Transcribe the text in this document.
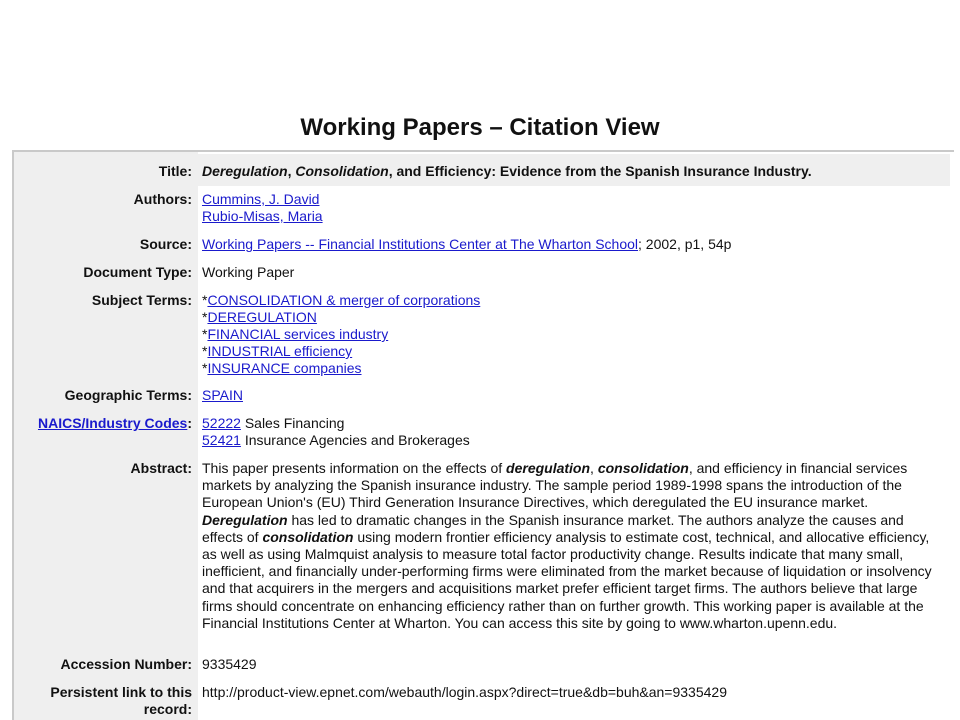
Working Papers – Citation View
Title: Deregulation, Consolidation, and Efficiency: Evidence from the Spanish Insurance Industry.
Authors: Cummins, J. David
Rubio-Misas, Maria
Source: Working Papers -- Financial Institutions Center at The Wharton School; 2002, p1, 54p
Document Type: Working Paper
Subject Terms: *CONSOLIDATION & merger of corporations
*DEREGULATION
*FINANCIAL services industry
*INDUSTRIAL efficiency
*INSURANCE companies
Geographic Terms: SPAIN
NAICS/Industry Codes: 52222 Sales Financing
52421 Insurance Agencies and Brokerages
Abstract: This paper presents information on the effects of deregulation, consolidation, and efficiency in financial services markets by analyzing the Spanish insurance industry. The sample period 1989-1998 spans the introduction of the European Union's (EU) Third Generation Insurance Directives, which deregulated the EU insurance market. Deregulation has led to dramatic changes in the Spanish insurance market. The authors analyze the causes and effects of consolidation using modern frontier efficiency analysis to estimate cost, technical, and allocative efficiency, as well as using Malmquist analysis to measure total factor productivity change. Results indicate that many small, inefficient, and financially under-performing firms were eliminated from the market because of liquidation or insolvency and that acquirers in the mergers and acquisitions market prefer efficient target firms. The authors believe that large firms should concentrate on enhancing efficiency rather than on further growth. This working paper is available at the Financial Institutions Center at Wharton. You can access this site by going to www.wharton.upenn.edu.
Accession Number: 9335429
Persistent link to this
record:
http://product-view.epnet.com/webauth/login.aspx?direct=true&db=buh&an=9335429
